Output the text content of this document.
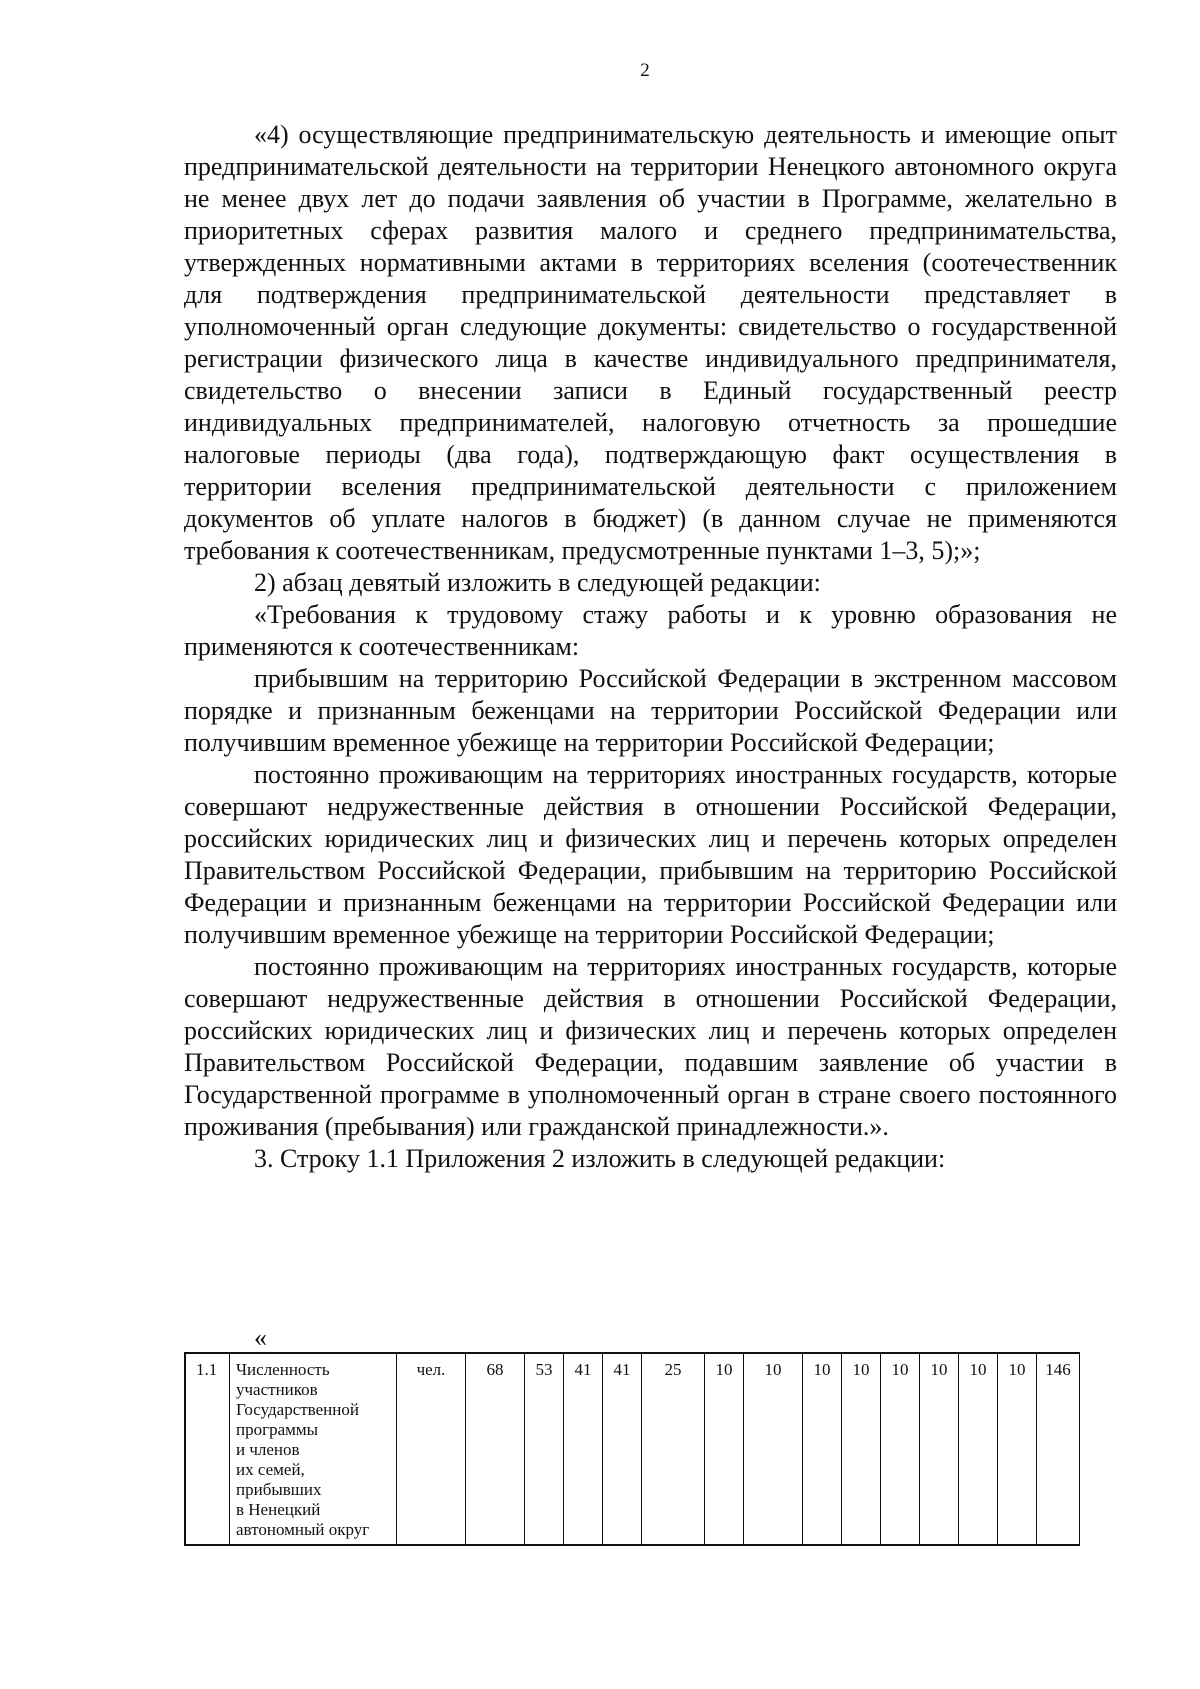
2

«4) осуществляющие предпринимательскую деятельность и имеющие опыт предпринимательской деятельности на территории Ненецкого автономного округа не менее двух лет до подачи заявления об участии в Программе, желательно в приоритетных сферах развития малого и среднего предпринимательства, утвержденных нормативными актами в территориях вселения (соотечественник для подтверждения предпринимательской деятельности представляет в уполномоченный орган следующие документы: свидетельство о государственной регистрации физического лица в качестве индивидуального предпринимателя, свидетельство о внесении записи в Единый государственный реестр индивидуальных предпринимателей, налоговую отчетность за прошедшие налоговые периоды (два года), подтверждающую факт осуществления в территории вселения предпринимательской деятельности с приложением документов об уплате налогов в бюджет) (в данном случае не применяются требования к соотечественникам, предусмотренные пунктами 1–3, 5);»;

2) абзац девятый изложить в следующей редакции:

«Требования к трудовому стажу работы и к уровню образования не применяются к соотечественникам:

прибывшим на территорию Российской Федерации в экстренном массовом порядке и признанным беженцами на территории Российской Федерации или получившим временное убежище на территории Российской Федерации;

постоянно проживающим на территориях иностранных государств, которые совершают недружественные действия в отношении Российской Федерации, российских юридических лиц и физических лиц и перечень которых определен Правительством Российской Федерации, прибывшим на территорию Российской Федерации и признанным беженцами на территории Российской Федерации или получившим временное убежище на территории Российской Федерации;

постоянно проживающим на территориях иностранных государств, которые совершают недружественные действия в отношении Российской Федерации, российских юридических лиц и физических лиц и перечень которых определен Правительством Российской Федерации, подавшим заявление об участии в Государственной программе в уполномоченный орган в стране своего постоянного проживания (пребывания) или гражданской принадлежности.».

3. Строку 1.1 Приложения 2 изложить в следующей редакции:

«
1.1	Численность
участников
Государственной
программы
и членов
их семей,
прибывших
в Ненецкий
автономный округ
	чел.	68	53	41	41	25	10	10	10	10	10	10	10	10	146
